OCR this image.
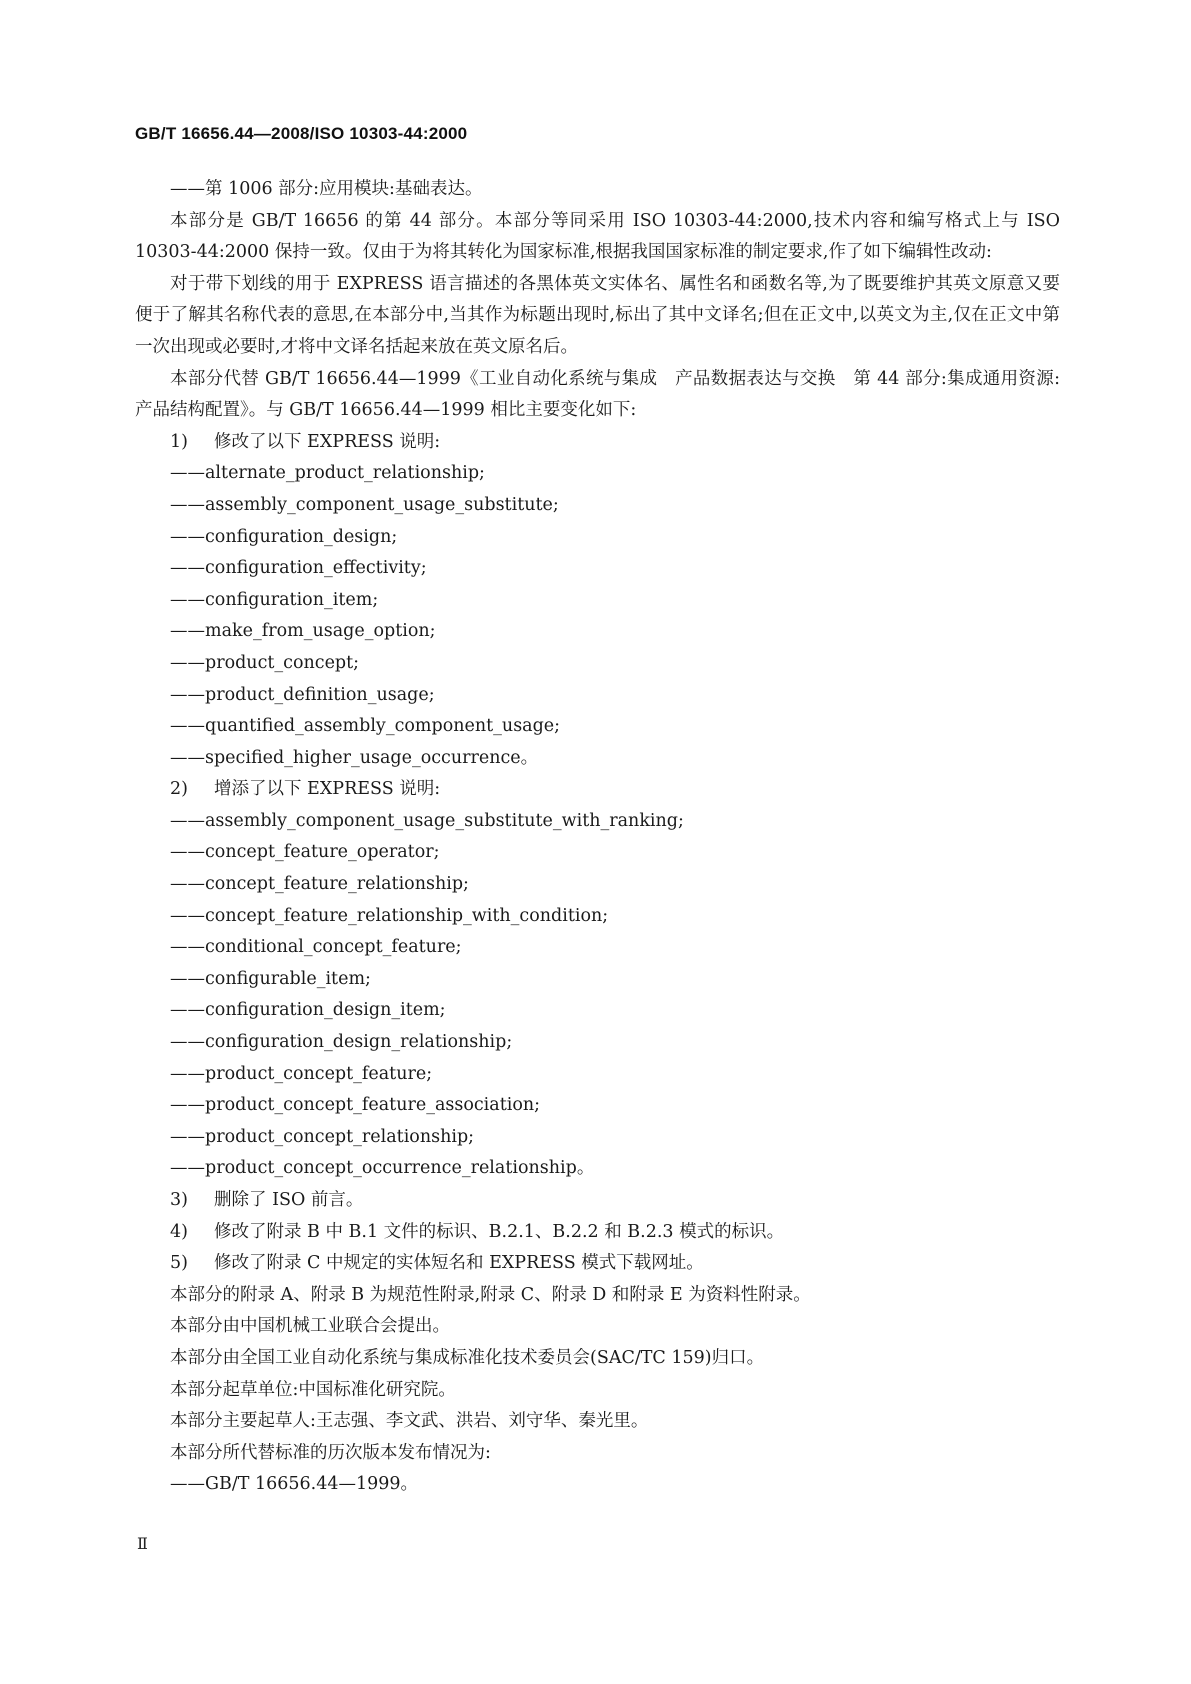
GB/T 16656.44—2008/ISO 10303-44:2000

——第 1006 部分:应用模块:基础表达。

本部分是 GB/T 16656 的第 44 部分。本部分等同采用 ISO 10303-44:2000,技术内容和编写格式上与 ISO 10303-44:2000 保持一致。仅由于为将其转化为国家标准,根据我国国家标准的制定要求,作了如下编辑性改动:

对于带下划线的用于 EXPRESS 语言描述的各黑体英文实体名、属性名和函数名等,为了既要维护其英文原意又要便于了解其名称代表的意思,在本部分中,当其作为标题出现时,标出了其中文译名;但在正文中,以英文为主,仅在正文中第一次出现或必要时,才将中文译名括起来放在英文原名后。

本部分代替 GB/T 16656.44—1999《工业自动化系统与集成　产品数据表达与交换　第 44 部分:集成通用资源:产品结构配置》。与 GB/T 16656.44—1999 相比主要变化如下:

1) 修改了以下 EXPRESS 说明:

——alternate_product_relationship;

——assembly_component_usage_substitute;

——configuration_design;

——configuration_effectivity;

——configuration_item;

——make_from_usage_option;

——product_concept;

——product_definition_usage;

——quantified_assembly_component_usage;

——specified_higher_usage_occurrence。

2) 增添了以下 EXPRESS 说明:

——assembly_component_usage_substitute_with_ranking;

——concept_feature_operator;

——concept_feature_relationship;

——concept_feature_relationship_with_condition;

——conditional_concept_feature;

——configurable_item;

——configuration_design_item;

——configuration_design_relationship;

——product_concept_feature;

——product_concept_feature_association;

——product_concept_relationship;

——product_concept_occurrence_relationship。

3) 删除了 ISO 前言。

4) 修改了附录 B 中 B.1 文件的标识、B.2.1、B.2.2 和 B.2.3 模式的标识。

5) 修改了附录 C 中规定的实体短名和 EXPRESS 模式下载网址。

本部分的附录 A、附录 B 为规范性附录,附录 C、附录 D 和附录 E 为资料性附录。

本部分由中国机械工业联合会提出。

本部分由全国工业自动化系统与集成标准化技术委员会(SAC/TC 159)归口。

本部分起草单位:中国标准化研究院。

本部分主要起草人:王志强、李文武、洪岩、刘守华、秦光里。

本部分所代替标准的历次版本发布情况为:

——GB/T 16656.44—1999。

Ⅱ
